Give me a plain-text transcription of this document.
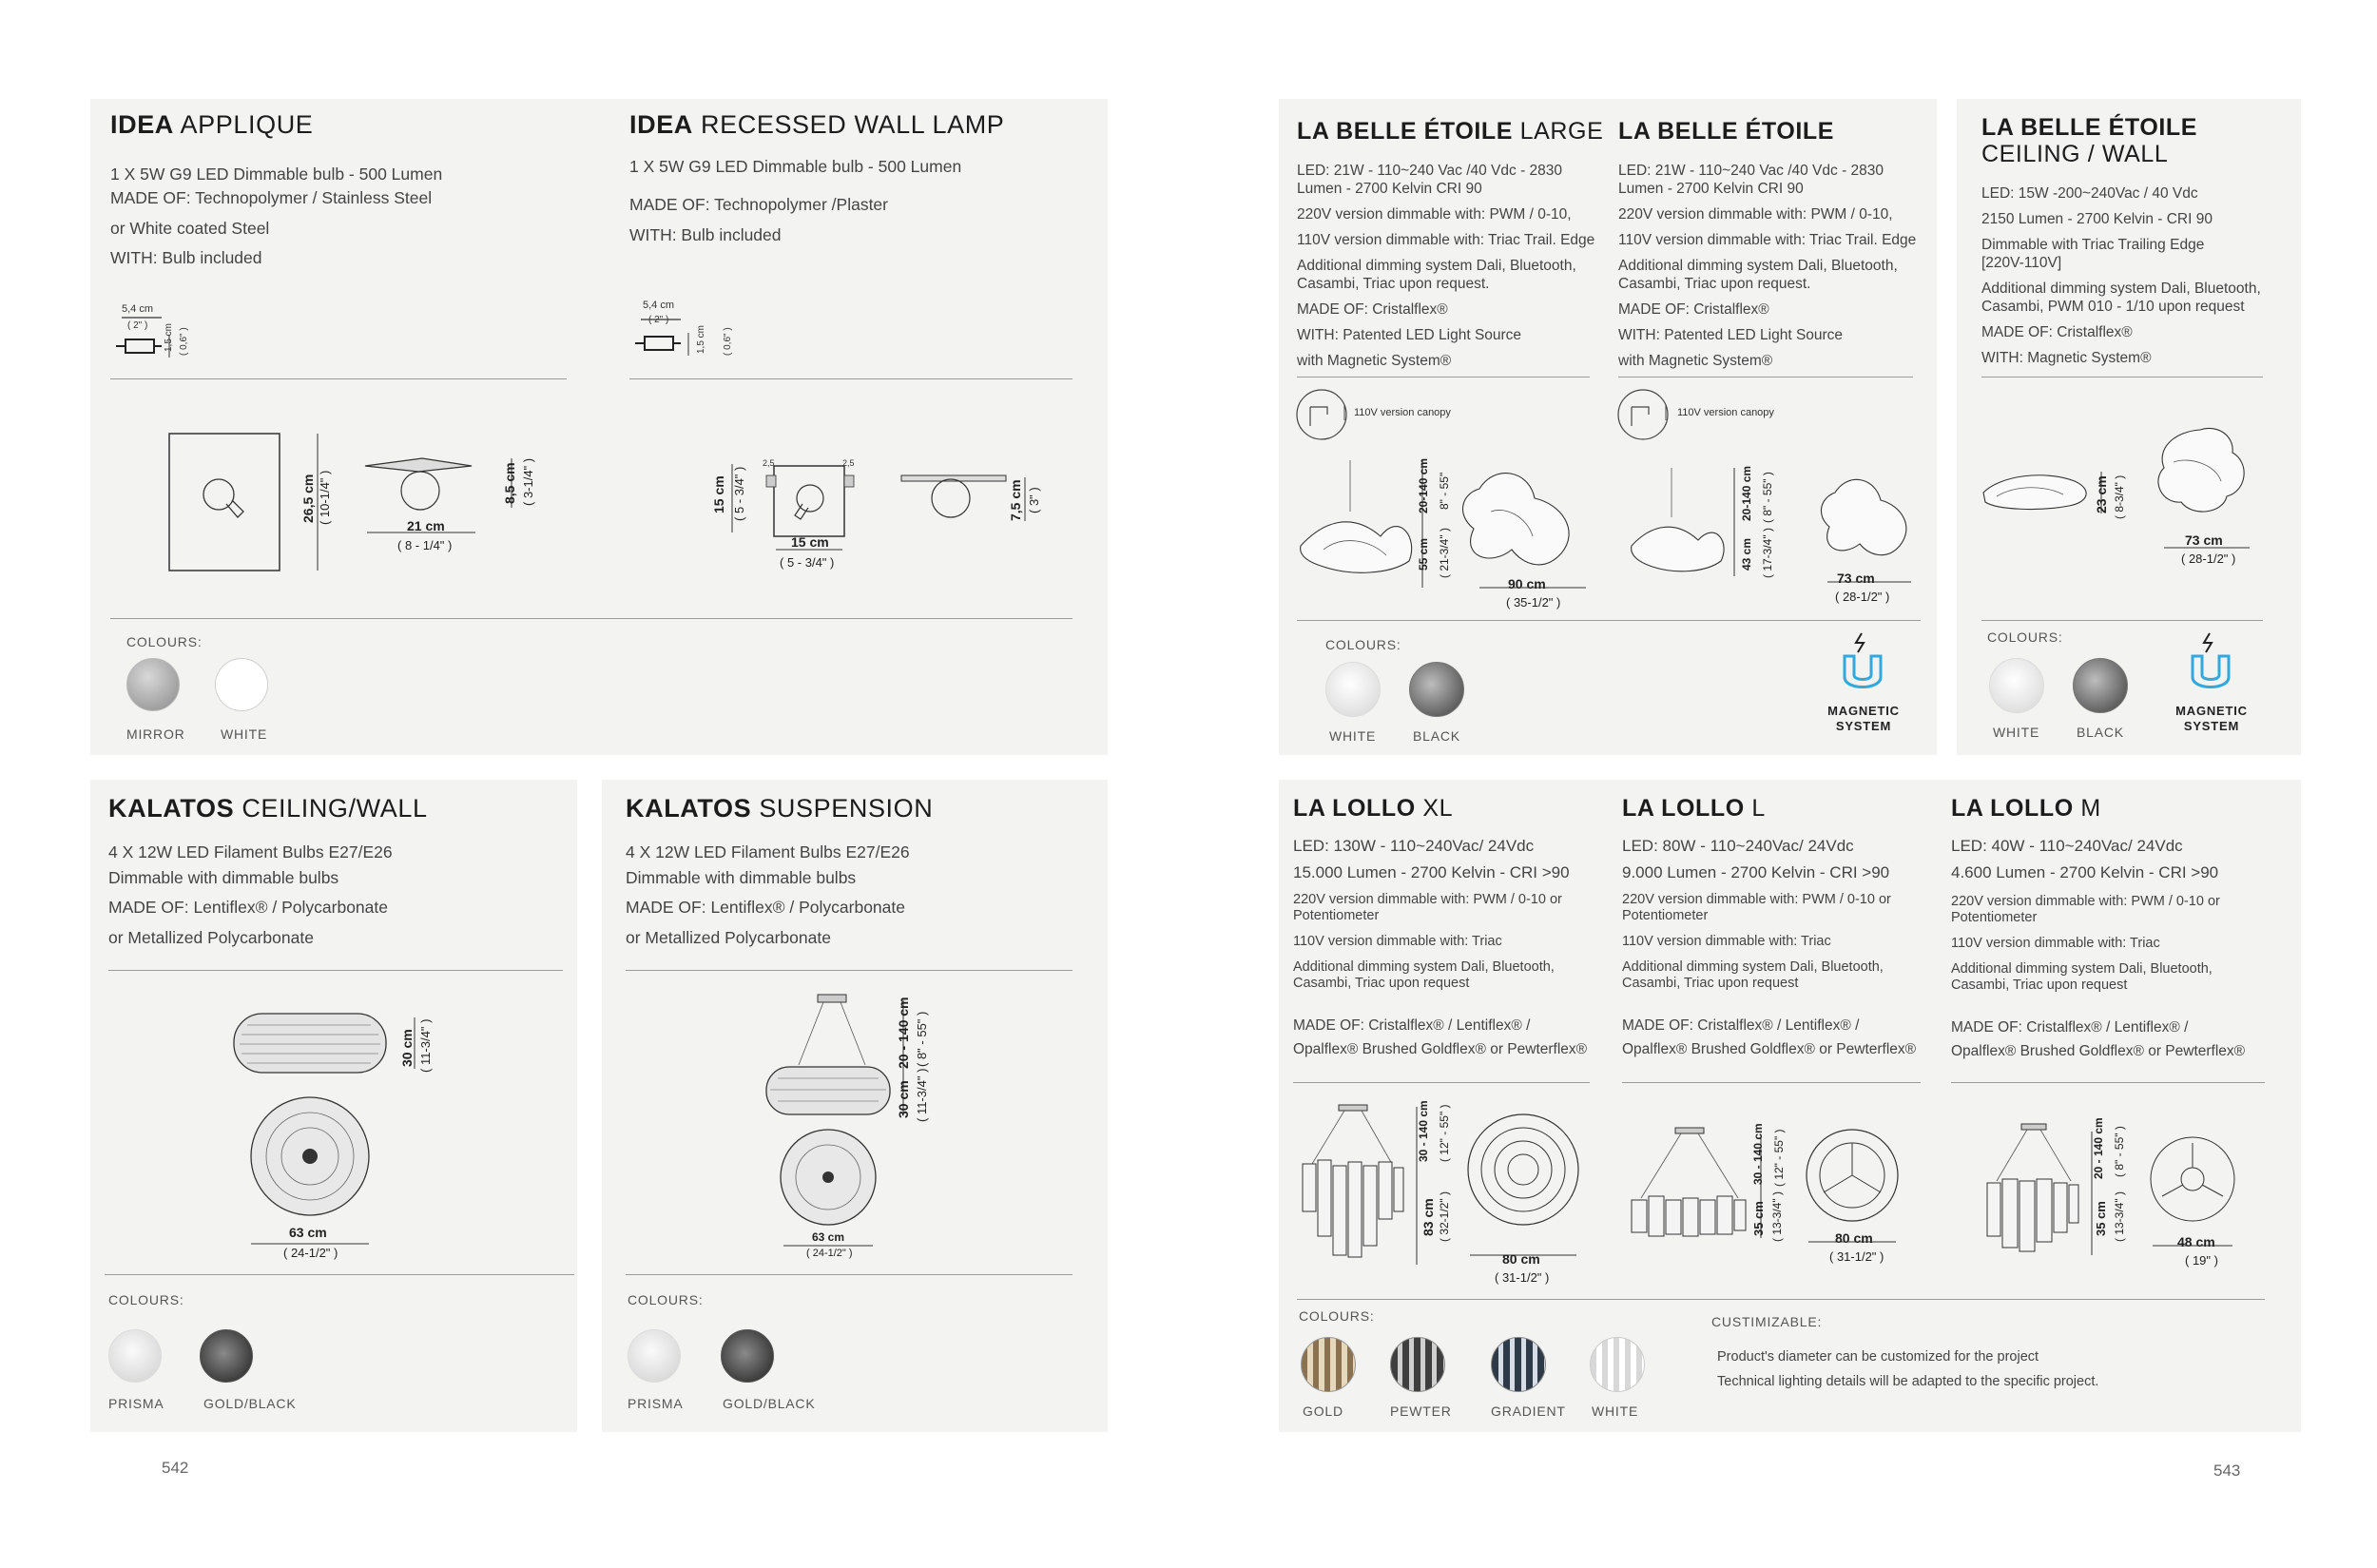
IDEA APPLIQUE
1 X 5W G9 LED Dimmable bulb - 500 Lumen
MADE OF: Technopolymer / Stainless Steel
or White coated Steel
WITH: Bulb included
5,4 cm
( 2" ) 1,5 cm ( 0,6" )
26,5 cm ( 10-1/4" )
21 cm
( 8 - 1/4" )
8,5 cm ( 3-1/4" )
IDEA RECESSED WALL LAMP
1 X 5W G9 LED Dimmable bulb - 500 Lumen
MADE OF: Technopolymer /Plaster
WITH: Bulb included
5,4 cm
( 2" )
1,5 cm ( 0,6" )
2,5	2,5
15 cm ( 5 - 3/4" )
15 cm
( 5 - 3/4" )
7,5 cm ( 3" )
COLOURS:
MIRROR	WHITE
KALATOS CEILING/WALL
4 X 12W LED Filament Bulbs E27/E26
Dimmable with dimmable bulbs
MADE OF: Lentiflex® / Polycarbonate
or Metallized Polycarbonate
30 cm ( 11-3/4" )
63 cm
( 24-1/2" )
COLOURS:
PRISMA	GOLD/BLACK
KALATOS SUSPENSION
4 X 12W LED Filament Bulbs E27/E26
Dimmable with dimmable bulbs
MADE OF: Lentiflex® / Polycarbonate
or Metallized Polycarbonate
20 - 140 cm ( 8" - 55" )
30 cm ( 11-3/4" )
63 cm
( 24-1/2" )
COLOURS:
PRISMA	GOLD/BLACK
542
LA BELLE ÉTOILE LARGE
LED: 21W - 110~240 Vac /40 Vdc - 2830
Lumen - 2700 Kelvin CRI 90
220V version dimmable with: PWM / 0-10,
110V version dimmable with: Triac Trail. Edge
Additional dimming system Dali, Bluetooth,
Casambi, Triac upon request.
MADE OF: Cristalflex®
WITH: Patented LED Light Source
with Magnetic System®
110V version canopy
20-140 cm 8" - 55"
55 cm ( 21-3/4" )
90 cm
( 35-1/2" )
LA BELLE ÉTOILE
LED: 21W - 110~240 Vac /40 Vdc - 2830
Lumen - 2700 Kelvin CRI 90
220V version dimmable with: PWM / 0-10,
110V version dimmable with: Triac Trail. Edge
Additional dimming system Dali, Bluetooth,
Casambi, Triac upon request.
MADE OF: Cristalflex®
WITH: Patented LED Light Source
with Magnetic System®
110V version canopy
20-140 cm ( 8" - 55" )
43 cm ( 17-3/4" )	73 cm
( 28-1/2" )
COLOURS:
WHITE	BLACK
MAGNETIC SYSTEM
LA BELLE ÉTOILE
CEILING / WALL
LED: 15W -200~240Vac / 40 Vdc
2150 Lumen - 2700 Kelvin - CRI 90
Dimmable with Triac Trailing Edge
[220V-110V]
Additional dimming system Dali, Bluetooth,
Casambi, PWM 010 - 1/10 upon request
MADE OF: Cristalflex®
WITH: Magnetic System®
23 cm ( 8-3/4" )
73 cm
( 28-1/2" )
COLOURS:
WHITE	BLACK
MAGNETIC SYSTEM
LA LOLLO XL
LED: 130W - 110~240Vac/ 24Vdc
15.000 Lumen - 2700 Kelvin - CRI >90
220V version dimmable with: PWM / 0-10 or
Potentiometer
110V version dimmable with: Triac
Additional dimming system Dali, Bluetooth,
Casambi, Triac upon request
MADE OF: Cristalflex® / Lentiflex® /
Opalflex® Brushed Goldflex® or Pewterflex®
30 - 140 cm ( 12" - 55" )
83 cm ( 32-1/2" )
80 cm
( 31-1/2" )
LA LOLLO L
LED: 80W - 110~240Vac/ 24Vdc
9.000 Lumen - 2700 Kelvin - CRI >90
220V version dimmable with: PWM / 0-10 or
Potentiometer
110V version dimmable with: Triac
Additional dimming system Dali, Bluetooth,
Casambi, Triac upon request
MADE OF: Cristalflex® / Lentiflex® /
Opalflex® Brushed Goldflex® or Pewterflex®
30 - 140 cm ( 12" - 55" )
35 cm ( 13-3/4" )	80 cm
( 31-1/2" )
LA LOLLO M
LED: 40W - 110~240Vac/ 24Vdc
4.600 Lumen - 2700 Kelvin - CRI >90
220V version dimmable with: PWM / 0-10 or
Potentiometer
110V version dimmable with: Triac
Additional dimming system Dali, Bluetooth,
Casambi, Triac upon request
MADE OF: Cristalflex® / Lentiflex® /
Opalflex® Brushed Goldflex® or Pewterflex®
20 - 140 cm ( 8" - 55" )
35 cm ( 13-3/4" )	48 cm
( 19" )
COLOURS:
GOLD	PEWTER	GRADIENT WHITE
CUSTIMIZABLE:
Product's diameter can be customized for the project
Technical lighting details will be adapted to the specific project.
543
